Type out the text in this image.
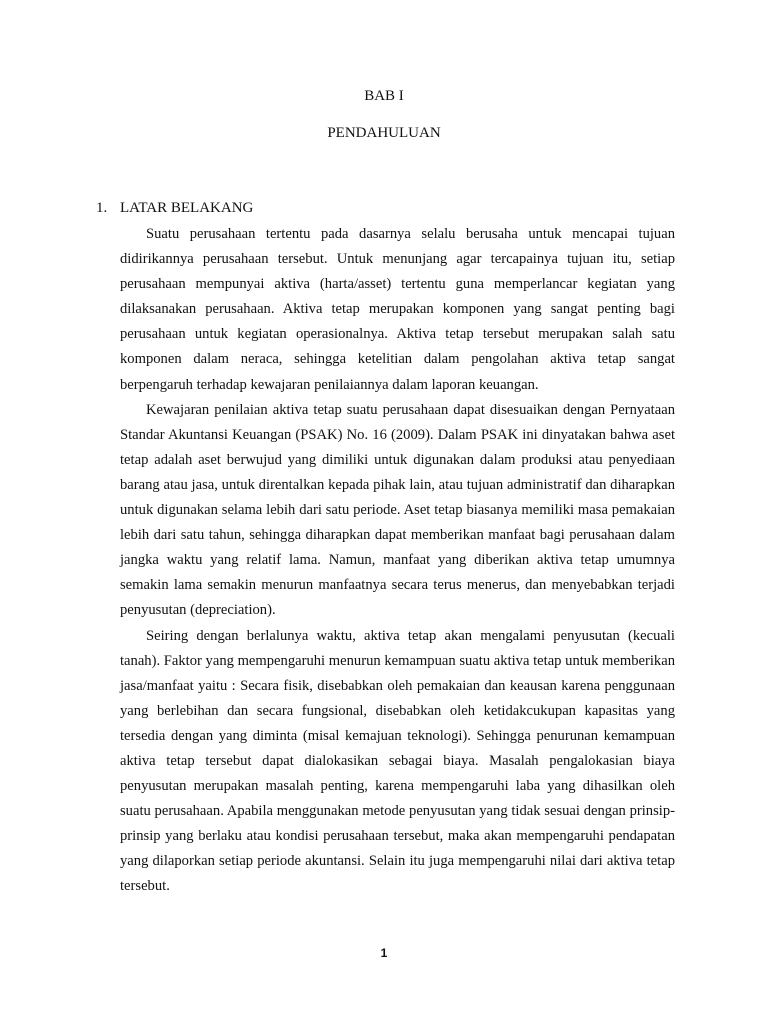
BAB I
PENDAHULUAN
1. LATAR BELAKANG

Suatu perusahaan tertentu pada dasarnya selalu berusaha untuk mencapai tujuan didirikannya perusahaan tersebut. Untuk menunjang agar tercapainya tujuan itu, setiap perusahaan mempunyai aktiva (harta/asset) tertentu guna memperlancar kegiatan yang dilaksanakan perusahaan. Aktiva tetap merupakan komponen yang sangat penting bagi perusahaan untuk kegiatan operasionalnya. Aktiva tetap tersebut merupakan salah satu komponen dalam neraca, sehingga ketelitian dalam pengolahan aktiva tetap sangat berpengaruh terhadap kewajaran penilaiannya dalam laporan keuangan.

Kewajaran penilaian aktiva tetap suatu perusahaan dapat disesuaikan dengan Pernyataan Standar Akuntansi Keuangan (PSAK) No. 16 (2009). Dalam PSAK ini dinyatakan bahwa aset tetap adalah aset berwujud yang dimiliki untuk digunakan dalam produksi atau penyediaan barang atau jasa, untuk direntalkan kepada pihak lain, atau tujuan administratif dan diharapkan untuk digunakan selama lebih dari satu periode. Aset tetap biasanya memiliki masa pemakaian lebih dari satu tahun, sehingga diharapkan dapat memberikan manfaat bagi perusahaan dalam jangka waktu yang relatif lama. Namun, manfaat yang diberikan aktiva tetap umumnya semakin lama semakin menurun manfaatnya secara terus menerus, dan menyebabkan terjadi penyusutan (depreciation).

Seiring dengan berlalunya waktu, aktiva tetap akan mengalami penyusutan (kecuali tanah). Faktor yang mempengaruhi menurun kemampuan suatu aktiva tetap untuk memberikan jasa/manfaat yaitu : Secara fisik, disebabkan oleh pemakaian dan keausan karena penggunaan yang berlebihan dan secara fungsional, disebabkan oleh ketidakcukupan kapasitas yang tersedia dengan yang diminta (misal kemajuan teknologi). Sehingga penurunan kemampuan aktiva tetap tersebut dapat dialokasikan sebagai biaya. Masalah pengalokasian biaya penyusutan merupakan masalah penting, karena mempengaruhi laba yang dihasilkan oleh suatu perusahaan. Apabila menggunakan metode penyusutan yang tidak sesuai dengan prinsip-prinsip yang berlaku atau kondisi perusahaan tersebut, maka akan mempengaruhi pendapatan yang dilaporkan setiap periode akuntansi. Selain itu juga mempengaruhi nilai dari aktiva tetap tersebut.

1
